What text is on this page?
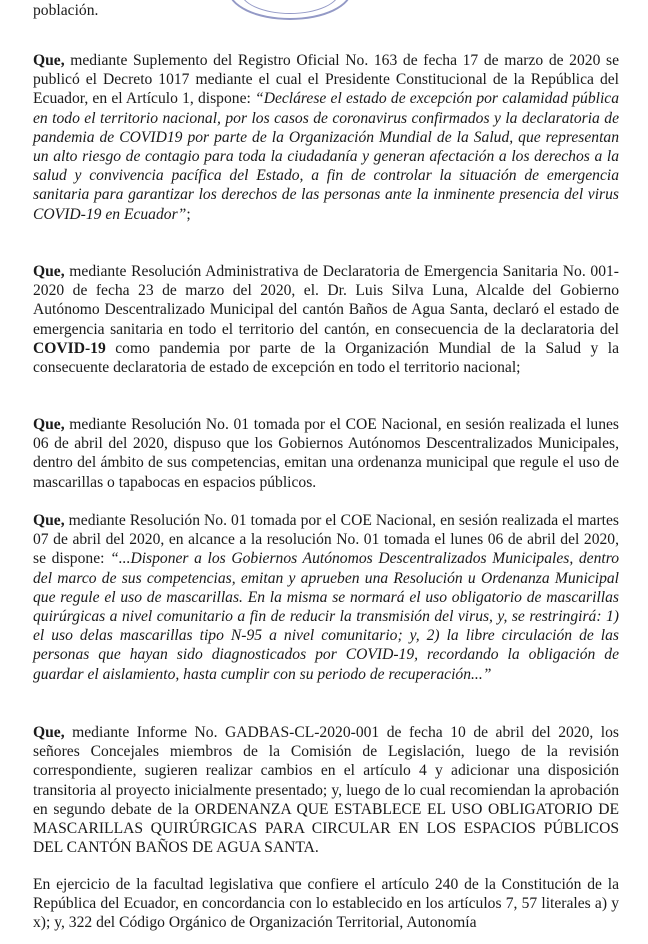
población.

Que, mediante Suplemento del Registro Oficial No. 163 de fecha 17 de marzo de 2020 se publicó el Decreto 1017 mediante el cual el Presidente Constitucional de la República del Ecuador, en el Artículo 1, dispone: “Declárese el estado de excepción por calamidad pública en todo el territorio nacional, por los casos de coronavirus confirmados y la declaratoria de pandemia de COVID19 por parte de la Organización Mundial de la Salud, que representan un alto riesgo de contagio para toda la ciudadanía y generan afectación a los derechos a la salud y convivencia pacífica del Estado, a fin de controlar la situación de emergencia sanitaria para garantizar los derechos de las personas ante la inminente presencia del virus COVID-19 en Ecuador”;

Que, mediante Resolución Administrativa de Declaratoria de Emergencia Sanitaria No. 001-2020 de fecha 23 de marzo del 2020, el. Dr. Luis Silva Luna, Alcalde del Gobierno Autónomo Descentralizado Municipal del cantón Baños de Agua Santa, declaró el estado de emergencia sanitaria en todo el territorio del cantón, en consecuencia de la declaratoria del COVID-19 como pandemia por parte de la Organización Mundial de la Salud y la consecuente declaratoria de estado de excepción en todo el territorio nacional;

Que, mediante Resolución No. 01 tomada por el COE Nacional, en sesión realizada el lunes 06 de abril del 2020, dispuso que los Gobiernos Autónomos Descentralizados Municipales, dentro del ámbito de sus competencias, emitan una ordenanza municipal que regule el uso de mascarillas o tapabocas en espacios públicos.

Que, mediante Resolución No. 01 tomada por el COE Nacional, en sesión realizada el martes 07 de abril del 2020, en alcance a la resolución No. 01 tomada el lunes 06 de abril del 2020, se dispone: “...Disponer a los Gobiernos Autónomos Descentralizados Municipales, dentro del marco de sus competencias, emitan y aprueben una Resolución u Ordenanza Municipal que regule el uso de mascarillas. En la misma se normará el uso obligatorio de mascarillas quirúrgicas a nivel comunitario a fin de reducir la transmisión del virus, y, se restringirá: 1) el uso delas mascarillas tipo N-95 a nivel comunitario; y, 2) la libre circulación de las personas que hayan sido diagnosticados por COVID-19, recordando la obligación de guardar el aislamiento, hasta cumplir con su periodo de recuperación...”

Que, mediante Informe No. GADBAS-CL-2020-001 de fecha 10 de abril del 2020, los señores Concejales miembros de la Comisión de Legislación, luego de la revisión correspondiente, sugieren realizar cambios en el artículo 4 y adicionar una disposición transitoria al proyecto inicialmente presentado; y, luego de lo cual recomiendan la aprobación en segundo debate de la ORDENANZA QUE ESTABLECE EL USO OBLIGATORIO DE MASCARILLAS QUIRÚRGICAS PARA CIRCULAR EN LOS ESPACIOS PÚBLICOS DEL CANTÓN BAÑOS DE AGUA SANTA.

En ejercicio de la facultad legislativa que confiere el artículo 240 de la Constitución de la República del Ecuador, en concordancia con lo establecido en los artículos 7, 57 literales a) y x); y, 322 del Código Orgánico de Organización Territorial, Autonomía
